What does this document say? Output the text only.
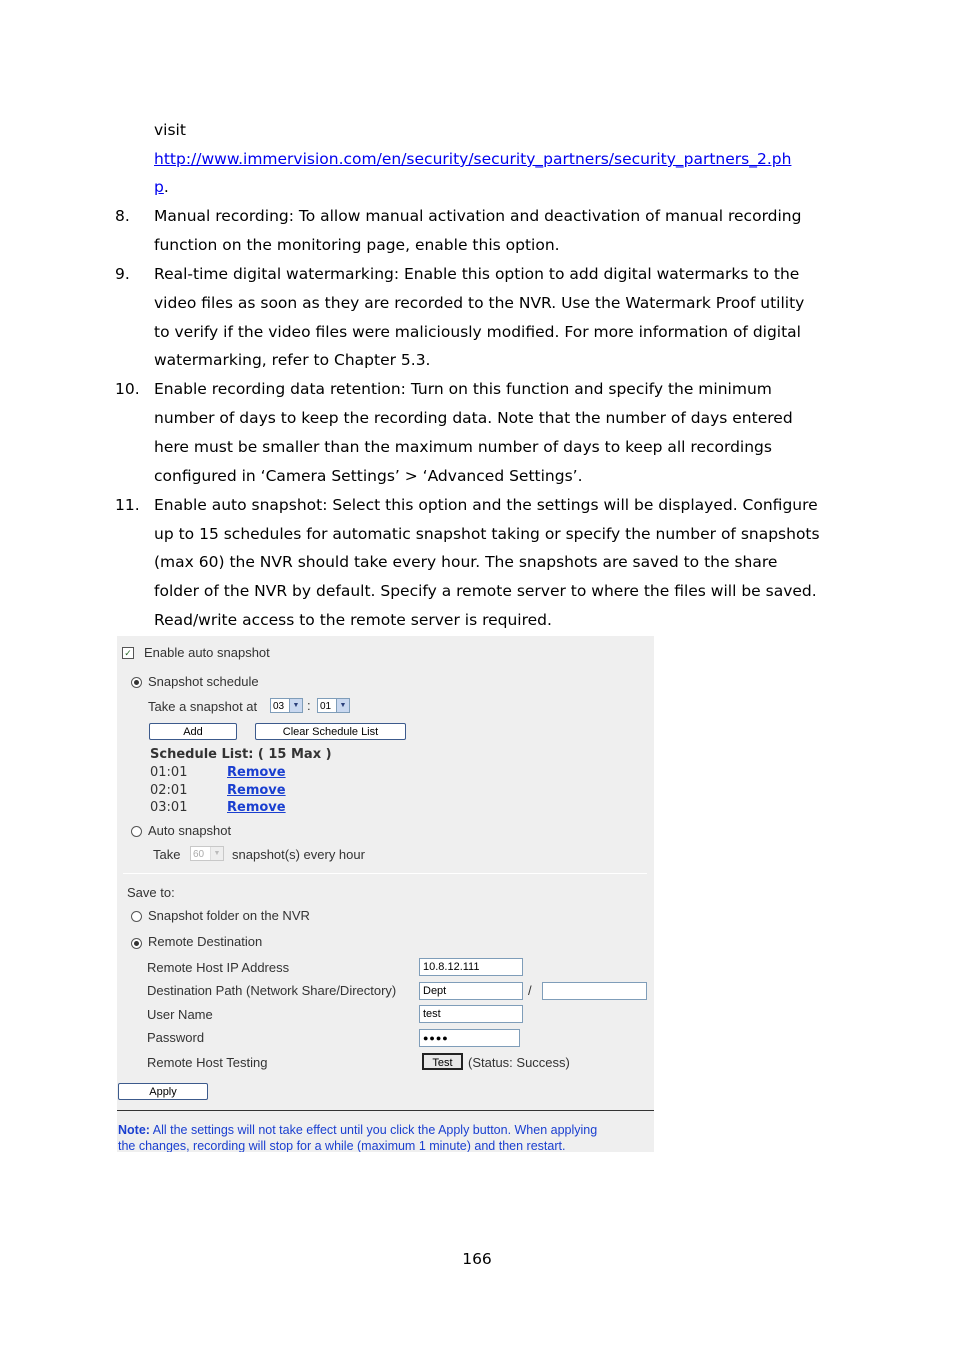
visit
http://www.immervision.com/en/security/security_partners/security_partners_2.ph
p.
8. Manual recording: To allow manual activation and deactivation of manual recording
function on the monitoring page, enable this option.
9. Real-time digital watermarking: Enable this option to add digital watermarks to the
video files as soon as they are recorded to the NVR. Use the Watermark Proof utility
to verify if the video files were maliciously modified. For more information of digital
watermarking, refer to Chapter 5.3.
10. Enable recording data retention: Turn on this function and specify the minimum
number of days to keep the recording data. Note that the number of days entered
here must be smaller than the maximum number of days to keep all recordings
configured in ‘Camera Settings’ > ‘Advanced Settings’.
11. Enable auto snapshot: Select this option and the settings will be displayed. Configure
up to 15 schedules for automatic snapshot taking or specify the number of snapshots
(max 60) the NVR should take every hour. The snapshots are saved to the share
folder of the NVR by default. Specify a remote server to where the files will be saved.
Read/write access to the remote server is required.
✓ Enable auto snapshot
Snapshot schedule
Take a snapshot at	03	▼ : 01	▼
Add	Clear Schedule List
Schedule List: ( 15 Max )
01:01	Remove
02:01	Remove
03:01	Remove
Auto snapshot
Take	60	▼ snapshot(s) every hour
Save to:
Snapshot folder on the NVR
Remote Destination
Remote Host IP Address	10.8.12.111
Destination Path (Network Share/Directory)	Dept	/
User Name	test
Password	●●●●
Remote Host Testing	Test	(Status: Success)
Apply
Note: All the settings will not take effect until you click the Apply button. When applying
the changes, recording will stop for a while (maximum 1 minute) and then restart.
166
